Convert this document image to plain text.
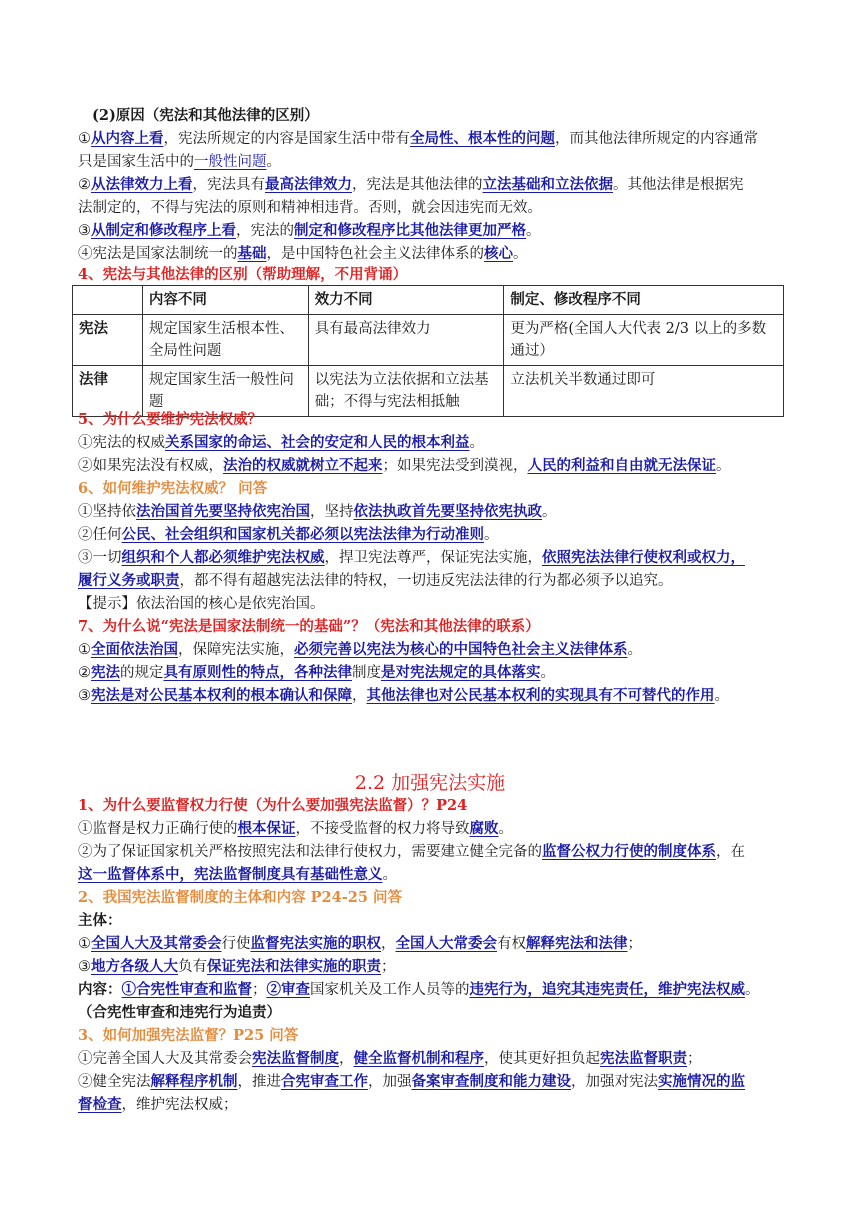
(2)原因（宪法和其他法律的区别）
①从内容上看，宪法所规定的内容是国家生活中带有全局性、根本性的问题，而其他法律所规定的内容通常
只是国家生活中的一般性问题。
②从法律效力上看，宪法具有最高法律效力，宪法是其他法律的立法基础和立法依据。其他法律是根据宪
法制定的，不得与宪法的原则和精神相违背。否则，就会因违宪而无效。
③从制定和修改程序上看，宪法的制定和修改程序比其他法律更加严格。
④宪法是国家法制统一的基础，是中国特色社会主义法律体系的核心。
4、宪法与其他法律的区别（帮助理解，不用背诵）
	内容不同	效力不同	制定、修改程序不同
宪法	规定国家生活根本性、全局性问题	具有最高法律效力	更为严格(全国人大代表 2/3 以上的多数通过）
法律	规定国家生活一般性问题	以宪法为立法依据和立法基础；不得与宪法相抵触	立法机关半数通过即可
5、为什么要维护宪法权威？
①宪法的权威关系国家的命运、社会的安定和人民的根本利益。
②如果宪法没有权威，法治的权威就树立不起来；如果宪法受到漠视，人民的利益和自由就无法保证。
6、如何维护宪法权威？ 问答
①坚持依法治国首先要坚持依宪治国，坚持依法执政首先要坚持依宪执政。
②任何公民、社会组织和国家机关都必须以宪法法律为行动准则。
③一切组织和个人都必须维护宪法权威，捍卫宪法尊严，保证宪法实施，依照宪法法律行使权利或权力，
履行义务或职责，都不得有超越宪法法律的特权，一切违反宪法法律的行为都必须予以追究。
【提示】依法治国的核心是依宪治国。
7、为什么说“宪法是国家法制统一的基础”？（宪法和其他法律的联系）
①全面依法治国，保障宪法实施，必须完善以宪法为核心的中国特色社会主义法律体系。
②宪法的规定具有原则性的特点，各种法律制度是对宪法规定的具体落实。
③宪法是对公民基本权利的根本确认和保障，其他法律也对公民基本权利的实现具有不可替代的作用。
2.2 加强宪法实施
1、为什么要监督权力行使（为什么要加强宪法监督）？P24
①监督是权力正确行使的根本保证，不接受监督的权力将导致腐败。
②为了保证国家机关严格按照宪法和法律行使权力，需要建立健全完备的监督公权力行使的制度体系，在
这一监督体系中，宪法监督制度具有基础性意义。
2、我国宪法监督制度的主体和内容 P24-25 问答
主体：
①全国人大及其常委会行使监督宪法实施的职权，全国人大常委会有权解释宪法和法律；
③地方各级人大负有保证宪法和法律实施的职责；
内容：①合宪性审查和监督；②审查国家机关及工作人员等的违宪行为，追究其违宪责任，维护宪法权威。
（合宪性审查和违宪行为追责）
3、如何加强宪法监督？P25 问答
①完善全国人大及其常委会宪法监督制度，健全监督机制和程序，使其更好担负起宪法监督职责；
②健全宪法解释程序机制，推进合宪审查工作，加强备案审查制度和能力建设，加强对宪法实施情况的监
督检查，维护宪法权威；
